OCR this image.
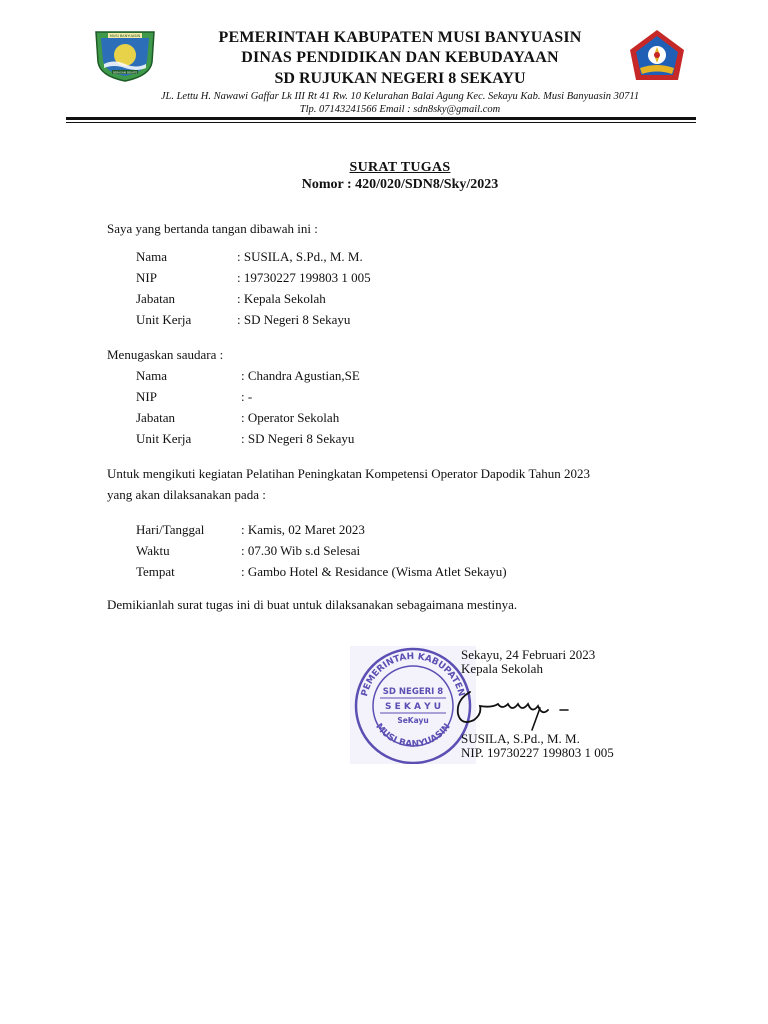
MUSI BANYUASIN
SERASAN SEKATE
PEMERINTAH KABUPATEN MUSI BANYUASIN
DINAS PENDIDIKAN DAN KEBUDAYAAN
SD RUJUKAN NEGERI 8 SEKAYU
JL. Lettu H. Nawawi Gaffar Lk III Rt 41 Rw. 10 Kelurahan Balai Agung Kec. Sekayu Kab. Musi Banyuasin 30711
Tlp. 07143241566 Email : sdn8sky@gmail.com
SURAT TUGAS
Nomor : 420/020/SDN8/Sky/2023
Saya yang bertanda tangan dibawah ini :
Nama	: SUSILA, S.Pd., M. M.
NIP	: 19730227 199803 1 005
Jabatan	: Kepala Sekolah
Unit Kerja	: SD Negeri 8 Sekayu
Menugaskan saudara :
Nama	: Chandra Agustian,SE
NIP	: -
Jabatan	: Operator Sekolah
Unit Kerja	: SD Negeri 8 Sekayu
Untuk mengikuti kegiatan Pelatihan Peningkatan Kompetensi Operator Dapodik Tahun 2023
yang akan dilaksanakan pada :
Hari/Tanggal	: Kamis, 02 Maret 2023
Waktu	: 07.30 Wib s.d Selesai
Tempat	: Gambo Hotel & Residance (Wisma Atlet Sekayu)
Demikianlah surat tugas ini di buat untuk dilaksanakan sebagaimana mestinya.
PEMERINTAH KABUPATEN
MUSI BANYUASIN
SD NEGERI 8
S E K A Y U
SeKayu
Sekayu, 24 Februari 2023
Kepala Sekolah
SUSILA, S.Pd., M. M.
NIP. 19730227 199803 1 005
